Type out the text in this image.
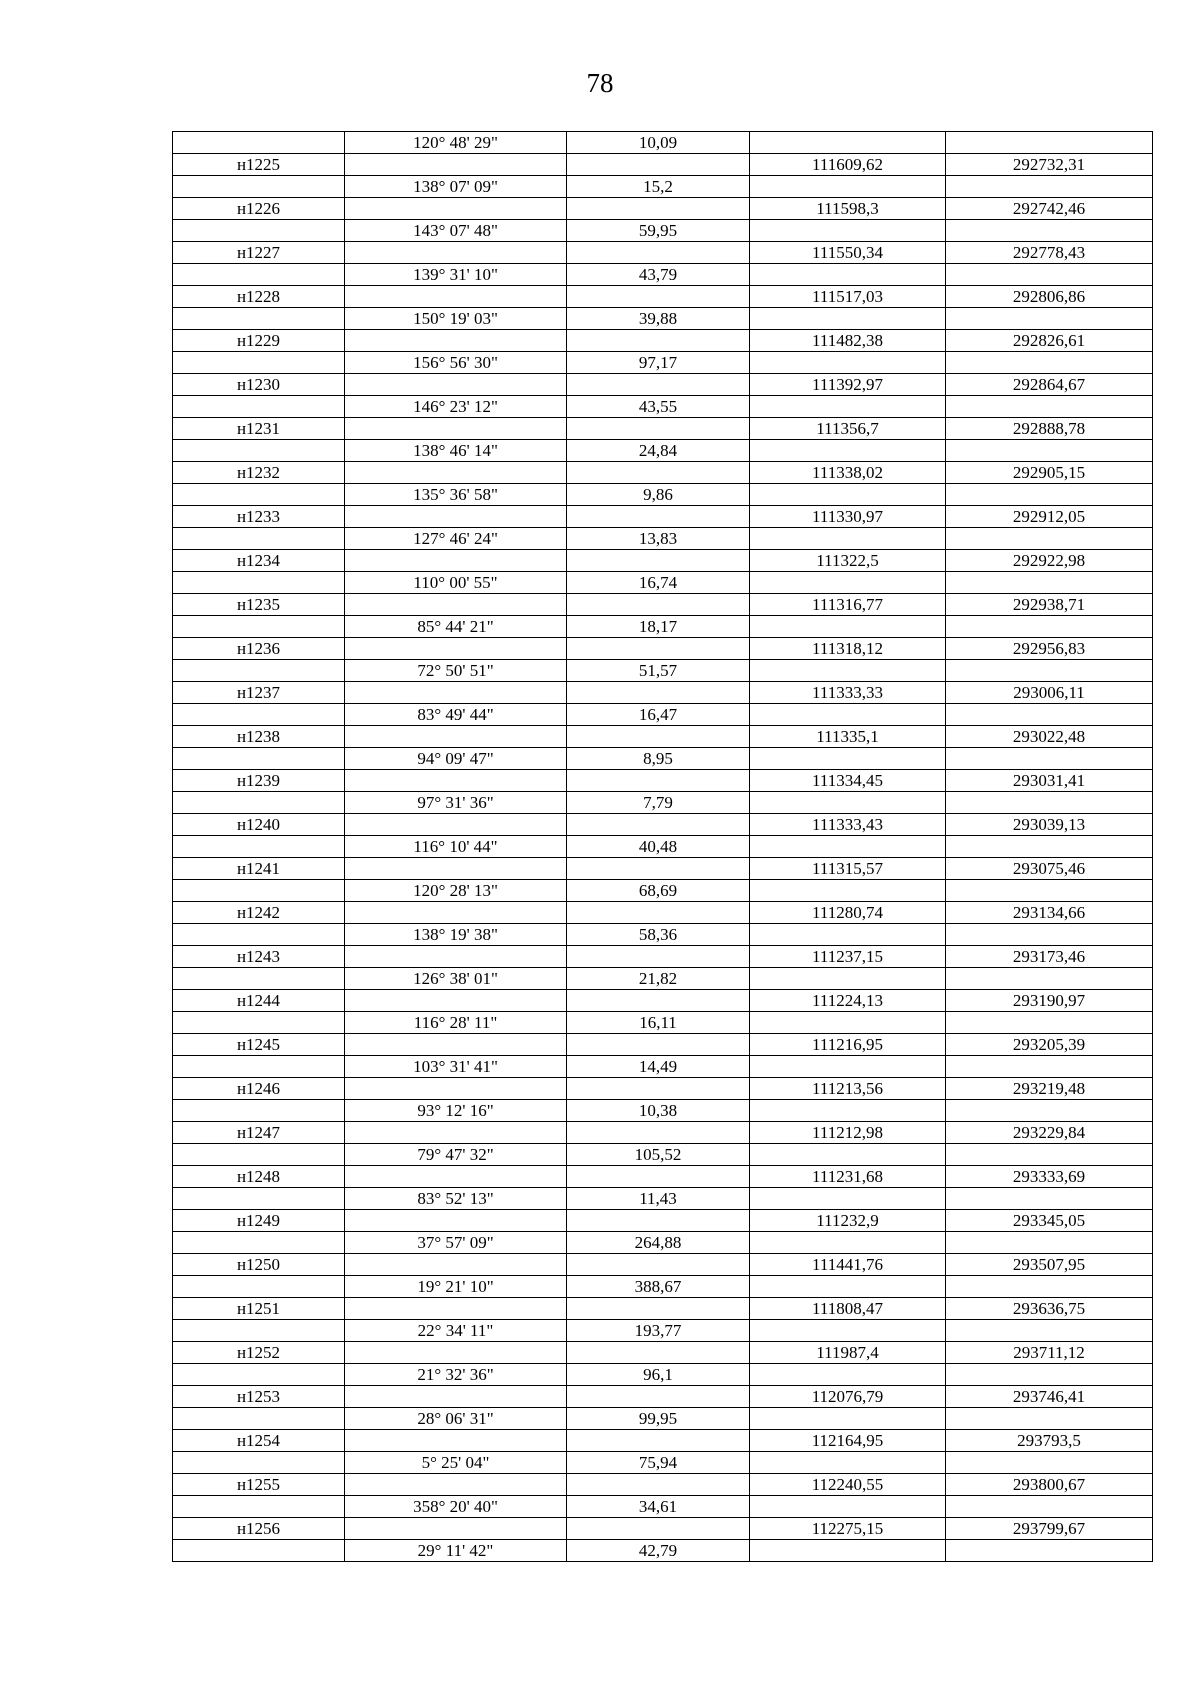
78
	120° 48' 29"	10,09		
н1225			111609,62	292732,31
	138° 07' 09"	15,2		
н1226			111598,3	292742,46
	143° 07' 48"	59,95		
н1227			111550,34	292778,43
	139° 31' 10"	43,79		
н1228			111517,03	292806,86
	150° 19' 03"	39,88		
н1229			111482,38	292826,61
	156° 56' 30"	97,17		
н1230			111392,97	292864,67
	146° 23' 12"	43,55		
н1231			111356,7	292888,78
	138° 46' 14"	24,84		
н1232			111338,02	292905,15
	135° 36' 58"	9,86		
н1233			111330,97	292912,05
	127° 46' 24"	13,83		
н1234			111322,5	292922,98
	110° 00' 55"	16,74		
н1235			111316,77	292938,71
	85° 44' 21"	18,17		
н1236			111318,12	292956,83
	72° 50' 51"	51,57		
н1237			111333,33	293006,11
	83° 49' 44"	16,47		
н1238			111335,1	293022,48
	94° 09' 47"	8,95		
н1239			111334,45	293031,41
	97° 31' 36"	7,79		
н1240			111333,43	293039,13
	116° 10' 44"	40,48		
н1241			111315,57	293075,46
	120° 28' 13"	68,69		
н1242			111280,74	293134,66
	138° 19' 38"	58,36		
н1243			111237,15	293173,46
	126° 38' 01"	21,82		
н1244			111224,13	293190,97
	116° 28' 11"	16,11		
н1245			111216,95	293205,39
	103° 31' 41"	14,49		
н1246			111213,56	293219,48
	93° 12' 16"	10,38		
н1247			111212,98	293229,84
	79° 47' 32"	105,52		
н1248			111231,68	293333,69
	83° 52' 13"	11,43		
н1249			111232,9	293345,05
	37° 57' 09"	264,88		
н1250			111441,76	293507,95
	19° 21' 10"	388,67		
н1251			111808,47	293636,75
	22° 34' 11"	193,77		
н1252			111987,4	293711,12
	21° 32' 36"	96,1		
н1253			112076,79	293746,41
	28° 06' 31"	99,95		
н1254			112164,95	293793,5
	5° 25' 04"	75,94		
н1255			112240,55	293800,67
	358° 20' 40"	34,61		
н1256			112275,15	293799,67
	29° 11' 42"	42,79		
